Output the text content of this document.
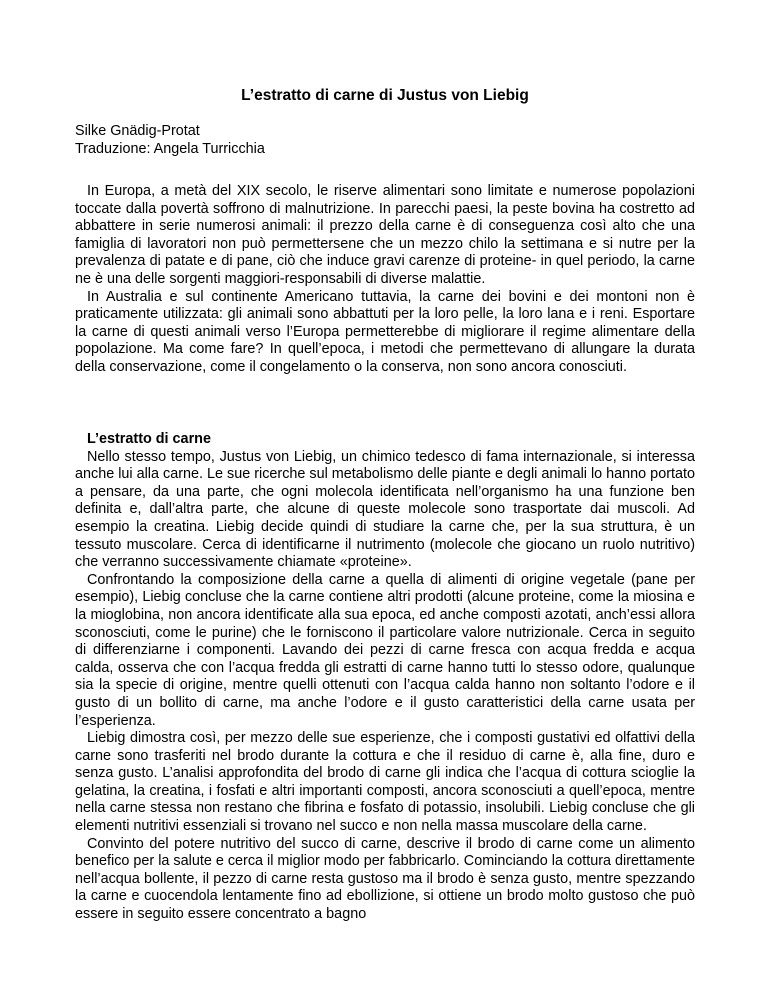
L’estratto di carne di Justus von Liebig
Silke Gnädig-Protat
Traduzione: Angela Turricchia

In Europa, a metà del XIX secolo, le riserve alimentari sono limitate e numerose popolazioni toccate dalla povertà soffrono di malnutrizione. In parecchi paesi, la peste bovina ha costretto ad abbattere in serie numerosi animali: il prezzo della carne è di conseguenza così alto che una famiglia di lavoratori non può permettersene che un mezzo chilo la settimana e si nutre per la prevalenza di patate e di pane, ciò che induce gravi carenze di proteine- in quel periodo, la carne ne è una delle sorgenti maggiori-responsabili di diverse malattie.

In Australia e sul continente Americano tuttavia, la carne dei bovini e dei montoni non è praticamente utilizzata: gli animali sono abbattuti per la loro pelle, la loro lana e i reni. Esportare la carne di questi animali verso l’Europa permetterebbe di migliorare il regime alimentare della popolazione. Ma come fare? In quell’epoca, i metodi che permettevano di allungare la durata della conservazione, come il congelamento o la conserva, non sono ancora conosciuti.

L’estratto di carne

Nello stesso tempo, Justus von Liebig, un chimico tedesco di fama internazionale, si interessa anche lui alla carne. Le sue ricerche sul metabolismo delle piante e degli animali lo hanno portato a pensare, da una parte, che ogni molecola identificata nell’organismo ha una funzione ben definita e, dall’altra parte, che alcune di queste molecole sono trasportate dai muscoli. Ad esempio la creatina. Liebig decide quindi di studiare la carne che, per la sua struttura, è un tessuto muscolare. Cerca di identificarne il nutrimento (molecole che giocano un ruolo nutritivo) che verranno successivamente chiamate «proteine».

Confrontando la composizione della carne a quella di alimenti di origine vegetale (pane per esempio), Liebig concluse che la carne contiene altri prodotti (alcune proteine, come la miosina e la mioglobina, non ancora identificate alla sua epoca, ed anche composti azotati, anch’essi allora sconosciuti, come le purine) che le forniscono il particolare valore nutrizionale. Cerca in seguito di differenziarne i componenti. Lavando dei pezzi di carne fresca con acqua fredda e acqua calda, osserva che con l’acqua fredda gli estratti di carne hanno tutti lo stesso odore, qualunque sia la specie di origine, mentre quelli ottenuti con l’acqua calda hanno non soltanto l’odore e il gusto di un bollito di carne, ma anche l’odore e il gusto caratteristici della carne usata per l’esperienza.

Liebig dimostra così, per mezzo delle sue esperienze, che i composti gustativi ed olfattivi della carne sono trasferiti nel brodo durante la cottura e che il residuo di carne è, alla fine, duro e senza gusto. L’analisi approfondita del brodo di carne gli indica che l’acqua di cottura scioglie la gelatina, la creatina, i fosfati e altri importanti composti, ancora sconosciuti a quell’epoca, mentre nella carne stessa non restano che fibrina e fosfato di potassio, insolubili. Liebig concluse che gli elementi nutritivi essenziali si trovano nel succo e non nella massa muscolare della carne.

Convinto del potere nutritivo del succo di carne, descrive il brodo di carne come un alimento benefico per la salute e cerca il miglior modo per fabbricarlo. Cominciando la cottura direttamente nell’acqua bollente, il pezzo di carne resta gustoso ma il brodo è senza gusto, mentre spezzando la carne e cuocendola lentamente fino ad ebollizione, si ottiene un brodo molto gustoso che può essere in seguito essere concentrato a bagno
